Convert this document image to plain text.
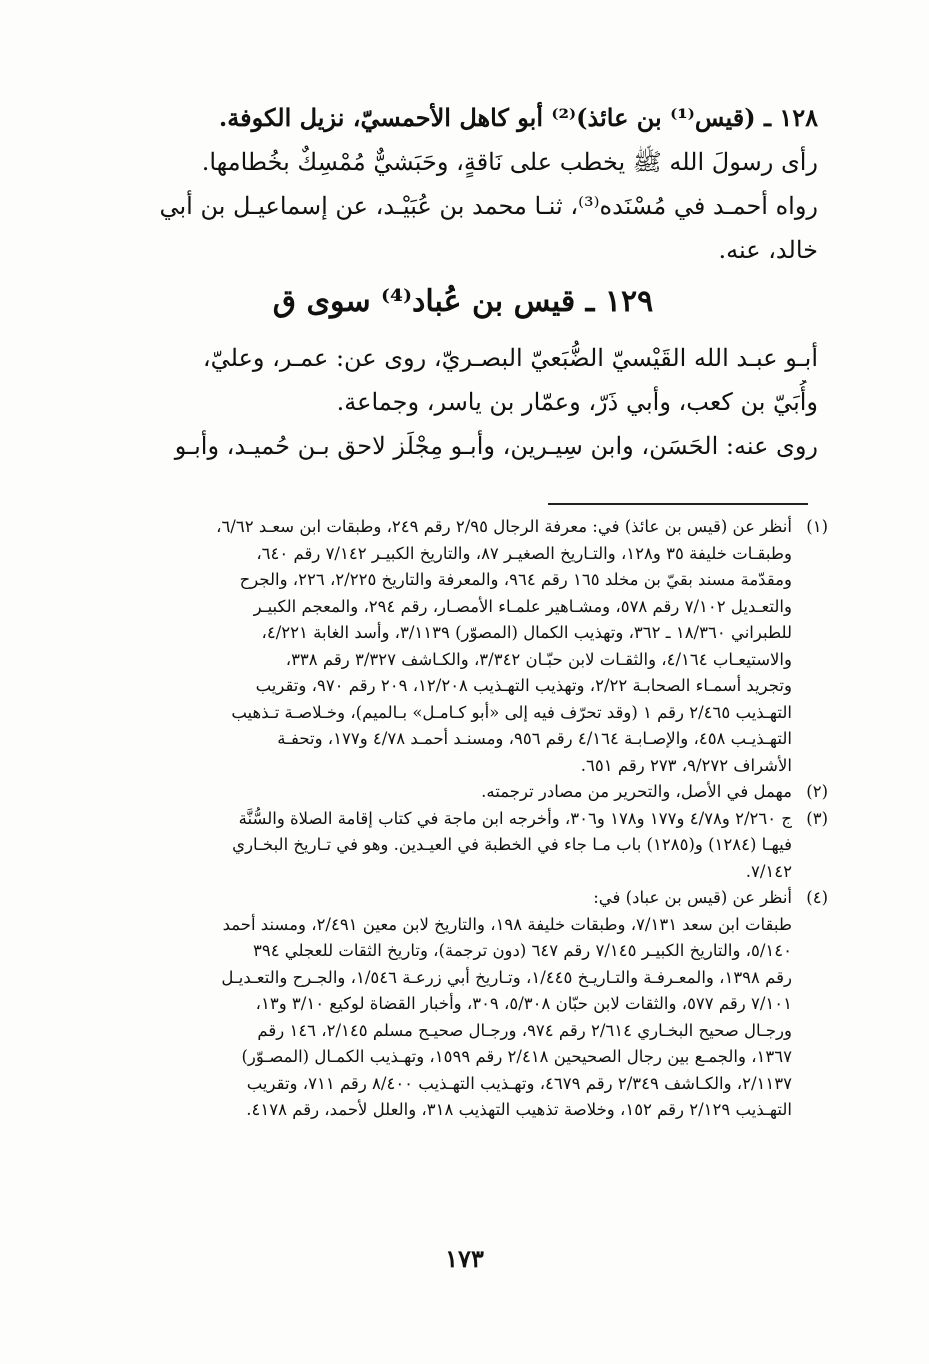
١٢٨ ـ (قيس⁽¹⁾ بن عائذ)⁽²⁾ أبو كاهل الأحمسيّ، نزيل الكوفة.
رأى رسولَ الله ﷺ يخطب على نَاقةٍ، وحَبَشيٌّ مُمْسِكٌ بخُطامها.
رواه أحمـد في مُسْنَده⁽³⁾، ثنـا محمد بن عُبَيْـد، عن إسماعيـل بن أبي
خالد، عنه.
١٢٩ ـ قيس بن عُباد⁽⁴⁾ سوى ق
أبـو عبـد الله القَيْسيّ الضُّبَعيّ البصـريّ، روى عن: عمـر، وعليّ،
وأُبَيّ بن كعب، وأبي ذَرّ، وعمّار بن ياسر، وجماعة.
روى عنه: الحَسَن، وابن سِيـرين، وأبـو مِجْلَز لاحق بـن حُميـد، وأبـو
(١)
أنظر عن (قيس بن عائذ) في: معرفة الرجال ٢/٩٥ رقم ٢٤٩، وطبقات ابن سعـد ٦/٦٢،
وطبقـات خليفة ٣٥ و١٢٨، والتـاريخ الصغيـر ٨٧، والتاريخ الكبيـر ٧/١٤٢ رقم ٦٤٠،
ومقدّمة مسند بقيّ بن مخلد ١٦٥ رقم ٩٦٤، والمعرفة والتاريخ ٢/٢٢٥، ٢٢٦، والجرح
والتعـديل ٧/١٠٢ رقم ٥٧٨، ومشـاهير علمـاء الأمصـار، رقم ٢٩٤، والمعجم الكبيـر
للطبراني ١٨/٣٦٠ ـ ٣٦٢، وتهذيب الكمال (المصوّر) ٣/١١٣٩، وأسد الغابة ٤/٢٢١،
والاستيعـاب ٤/١٦٤، والثقـات لابن حبّـان ٣/٣٤٢، والكـاشف ٣/٣٢٧ رقم ٣٣٨،
وتجريد أسمـاء الصحابـة ٢/٢٢، وتهذيب التهـذيب ١٢/٢٠٨، ٢٠٩ رقم ٩٧٠، وتقريب
التهـذيب ٢/٤٦٥ رقم ١ (وقد تحرّف فيه إلى «أبو كـامـل» بـالميم)، وخـلاصـة تـذهيب
التهـذيـب ٤٥٨، والإصـابـة ٤/١٦٤ رقم ٩٥٦، ومسنـد أحمـد ٤/٧٨ و١٧٧، وتحفـة
الأشراف ٩/٢٧٢، ٢٧٣ رقم ٦٥١.
(٢)
مهمل في الأصل، والتحرير من مصادر ترجمته.
(٣)
ج ٢/٢٦٠ و٤/٧٨ و١٧٧ و١٧٨ و٣٠٦، وأخرجه ابن ماجة في كتاب إقامة الصلاة والسُّنَّة
فيهـا (١٢٨٤) و(١٢٨٥) باب مـا جاء في الخطبة في العيـدين. وهو في تـاريخ البخـاري
٧/١٤٢.
(٤)
أنظر عن (قيس بن عباد) في:
طبقات ابن سعد ٧/١٣١، وطبقات خليفة ١٩٨، والتاريخ لابن معين ٢/٤٩١، ومسند أحمد
٥/١٤٠، والتاريخ الكبيـر ٧/١٤٥ رقم ٦٤٧ (دون ترجمة)، وتاريخ الثقات للعجلي ٣٩٤
رقم ١٣٩٨، والمعـرفـة والتـاريـخ ١/٤٤٥، وتـاريخ أبي زرعـة ١/٥٤٦، والجـرح والتعـديـل
٧/١٠١ رقم ٥٧٧، والثقات لابن حبّان ٥/٣٠٨، ٣٠٩، وأخبار القضاة لوكيع ٣/١٠ و١٣،
ورجـال صحيح البخـاري ٢/٦١٤ رقم ٩٧٤، ورجـال صحيـح مسلم ٢/١٤٥، ١٤٦ رقم
١٣٦٧، والجمـع بين رجال الصحيحين ٢/٤١٨ رقم ١٥٩٩، وتهـذيب الكمـال (المصـوّر)
٢/١١٣٧، والكـاشف ٢/٣٤٩ رقم ٤٦٧٩، وتهـذيب التهـذيب ٨/٤٠٠ رقم ٧١١، وتقريب
التهـذيب ٢/١٢٩ رقم ١٥٢، وخلاصة تذهيب التهذيب ٣١٨، والعلل لأحمد، رقم ٤١٧٨.
١٧٣
